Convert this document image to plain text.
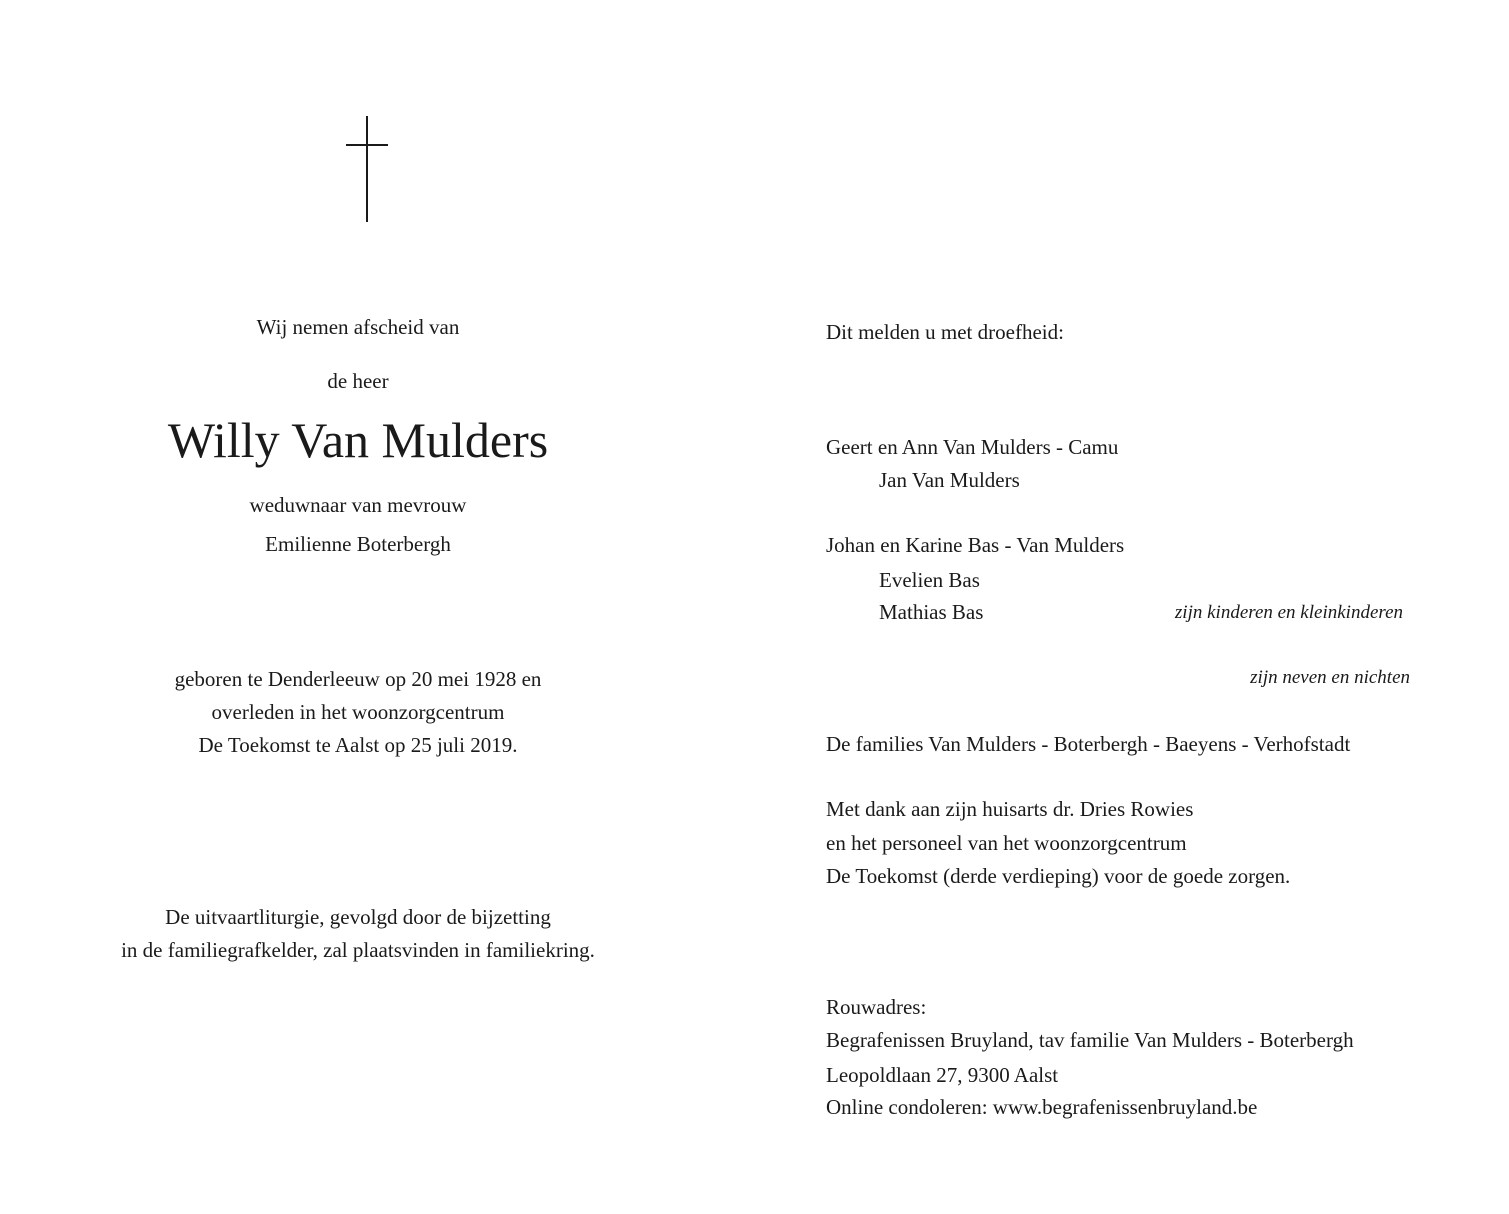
Wij nemen afscheid van
de heer
Willy Van Mulders
weduwnaar van mevrouw
Emilienne Boterbergh
geboren te Denderleeuw op 20 mei 1928 en
overleden in het woonzorgcentrum
De Toekomst te Aalst op 25 juli 2019.
De uitvaartliturgie, gevolgd door de bijzetting
in de familiegrafkelder, zal plaatsvinden in familiekring.
Dit melden u met droefheid:
Geert en Ann Van Mulders - Camu
Jan Van Mulders
Johan en Karine Bas - Van Mulders
Evelien Bas
Mathias Bas	zijn kinderen en kleinkinderen
zijn neven en nichten
De families Van Mulders - Boterbergh - Baeyens - Verhofstadt
Met dank aan zijn huisarts dr. Dries Rowies
en het personeel van het woonzorgcentrum
De Toekomst (derde verdieping) voor de goede zorgen.
Rouwadres:
Begrafenissen Bruyland, tav familie Van Mulders - Boterbergh
Leopoldlaan 27, 9300 Aalst
Online condoleren: www.begrafenissenbruyland.be
